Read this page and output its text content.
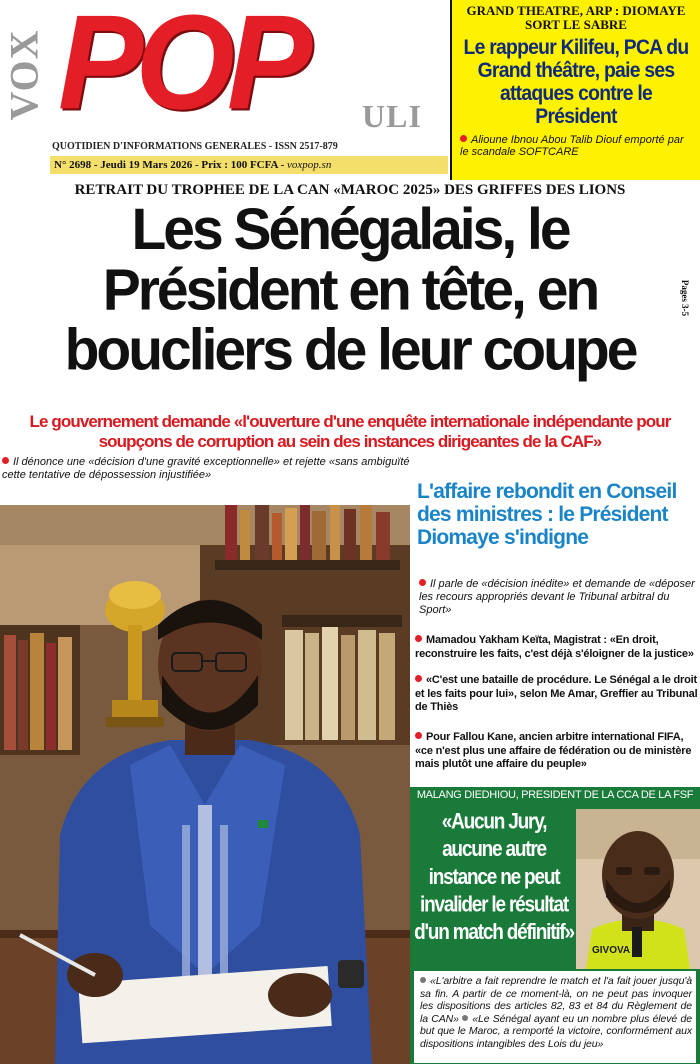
VOX POP ULI
QUOTIDIEN D'INFORMATIONS GENERALES - ISSN 2517-879
N° 2698 - Jeudi 19 Mars 2026 - Prix : 100 FCFA - voxpop.sn
GRAND THEATRE, ARP : DIOMAYE
SORT LE SABRE
Le rappeur Kilifeu, PCA du Grand théâtre, paie ses attaques contre le Président
Alioune Ibnou Abou Talib Diouf emporté par le scandale SOFTCARE
RETRAIT DU TROPHEE DE LA CAN «MAROC 2025» DES GRIFFES DES LIONS
Les Sénégalais, le
Président en tête, en
boucliers de leur coupe
Pages 3-5
Le gouvernement demande «l'ouverture d'une enquête internationale indépendante pour soupçons de corruption au sein des instances dirigeantes de la CAF»
Il dénonce une «décision d'une gravité exceptionnelle» et rejette «sans ambiguïté cette tentative de dépossession injustifiée»
L'affaire rebondit en Conseil des ministres : le Président Diomaye s'indigne
Il parle de «décision inédite» et demande de «déposer les recours appropriés devant le Tribunal arbitral du Sport»
Mamadou Yakham Keïta, Magistrat : «En droit, reconstruire les faits, c'est déjà s'éloigner de la justice»
«C'est une bataille de procédure. Le Sénégal a le droit et les faits pour lui», selon Me Amar, Greffier au Tribunal de Thiès
Pour Fallou Kane, ancien arbitre international FIFA, «ce n'est plus une affaire de fédération ou de ministère mais plutôt une affaire du peuple»
MALANG DIEDHIOU, PRESIDENT DE LA CCA DE LA FSF
«Aucun Jury, aucune autre instance ne peut invalider le résultat d'un match définitif»
GIVOVA
«L'arbitre a fait reprendre le match et l'a fait jouer jusqu'à sa fin. A partir de ce moment-là, on ne peut pas invoquer les dispositions des articles 82, 83 et 84 du Règlement de la CAN» «Le Sénégal ayant eu un nombre plus élevé de but que le Maroc, a remporté la victoire, conformément aux dispositions intangibles des Lois du jeu»
